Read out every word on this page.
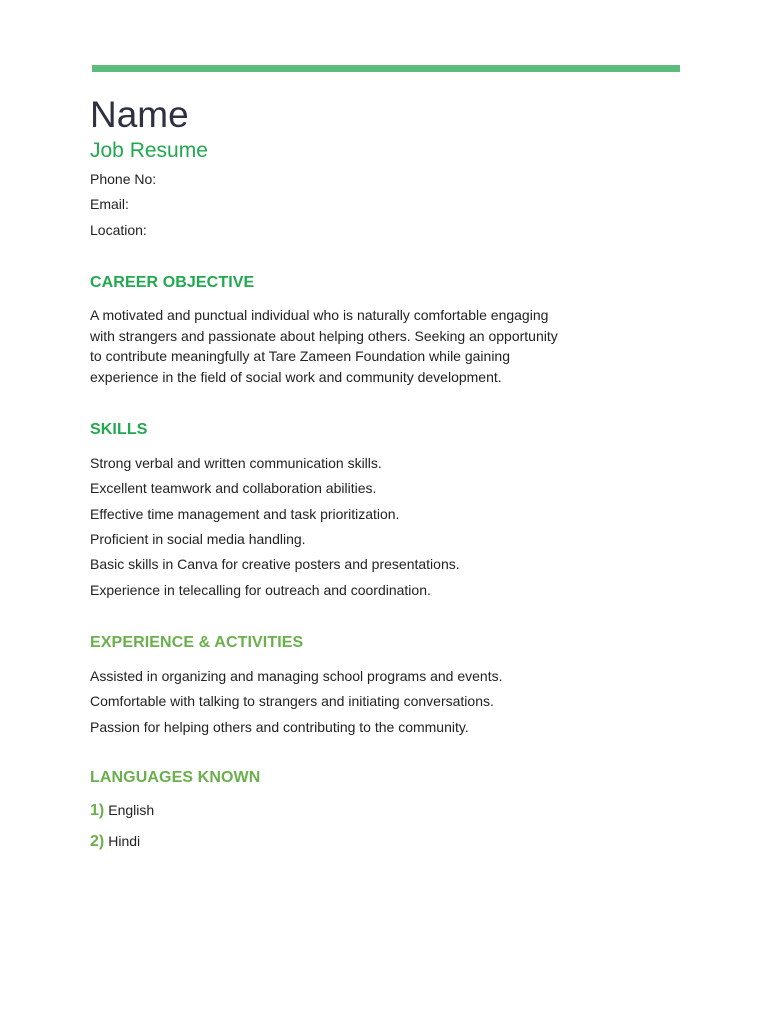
Name
Job Resume
Phone No:
Email:
Location:
CAREER OBJECTIVE
A motivated and punctual individual who is naturally comfortable engaging with strangers and passionate about helping others. Seeking an opportunity to contribute meaningfully at Tare Zameen Foundation while gaining experience in the field of social work and community development.
SKILLS
Strong verbal and written communication skills.
Excellent teamwork and collaboration abilities.
Effective time management and task prioritization.
Proficient in social media handling.
Basic skills in Canva for creative posters and presentations.
Experience in telecalling for outreach and coordination.
EXPERIENCE & ACTIVITIES
Assisted in organizing and managing school programs and events.
Comfortable with talking to strangers and initiating conversations.
Passion for helping others and contributing to the community.
LANGUAGES KNOWN
1) English
2) Hindi
